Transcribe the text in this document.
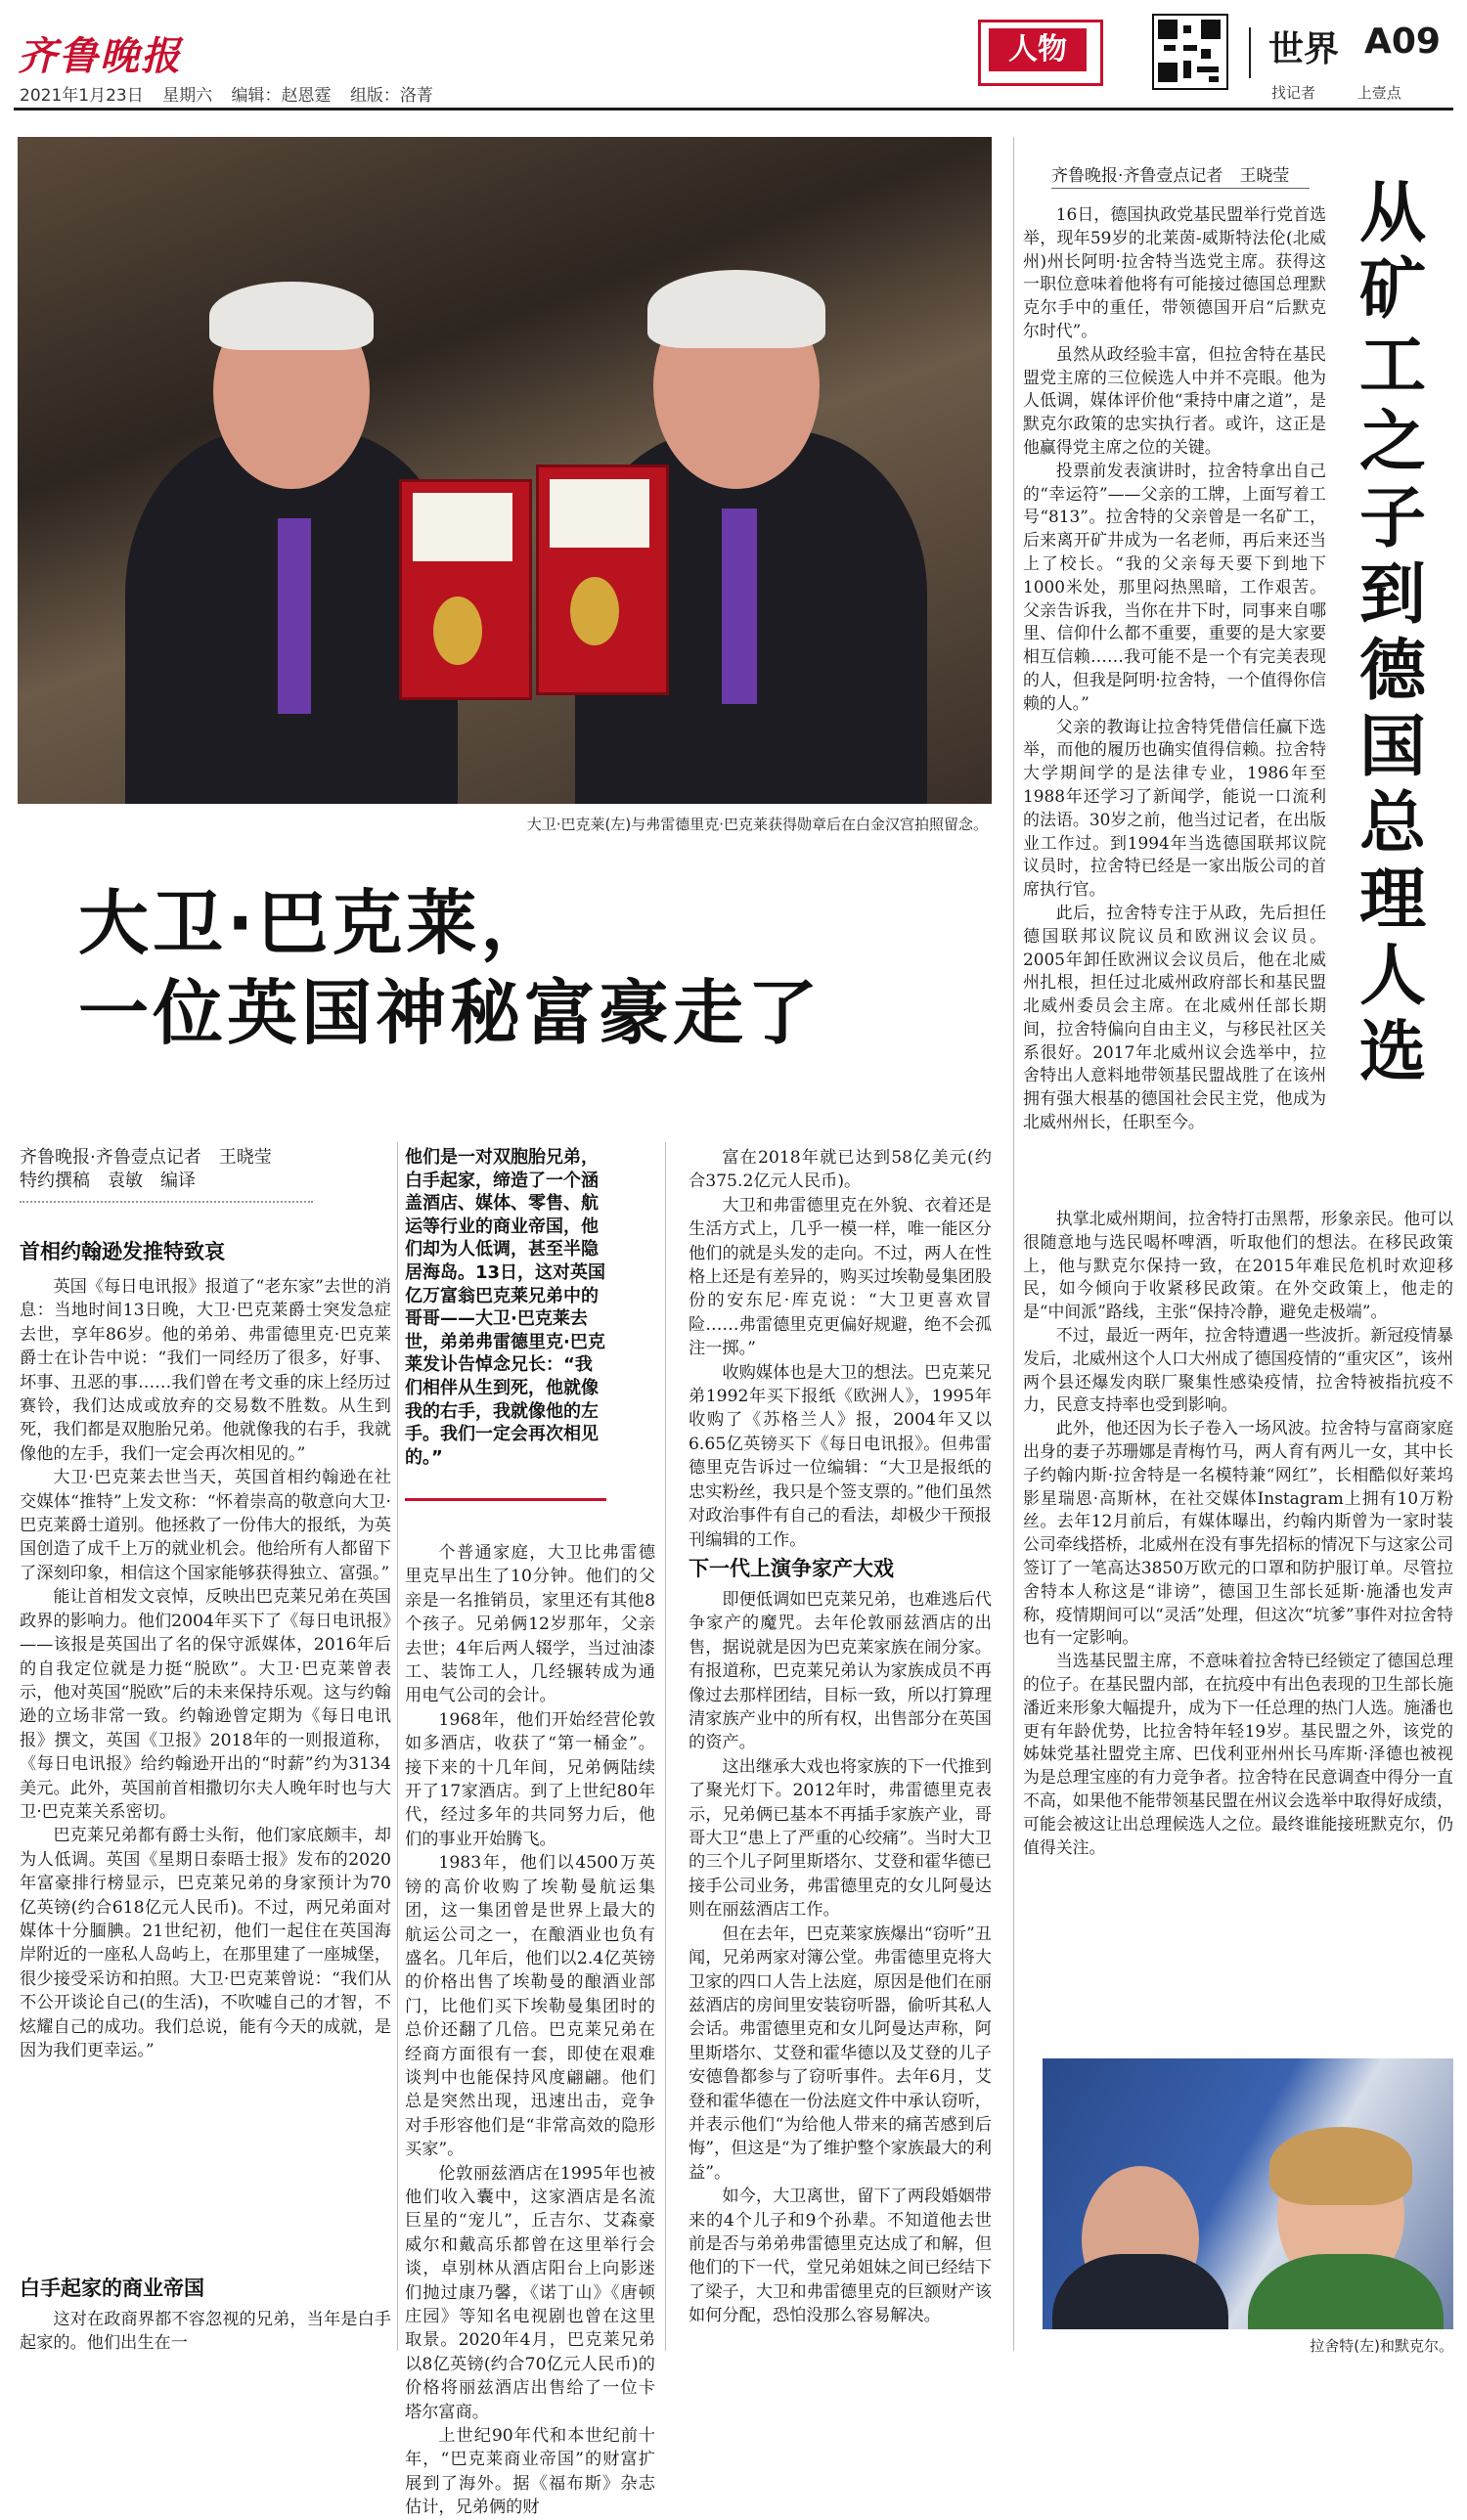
齐鲁晚报
2021年1月23日 星期六 编辑：赵恩霆 组版：洛菁
人物	世界 A09
找记者	上壹点
大卫·巴克莱(左)与弗雷德里克·巴克莱获得勋章后在白金汉宫拍照留念。
大卫·巴克莱，
一位英国神秘富豪走了
齐鲁晚报·齐鲁壹点记者　王晓莹
特约撰稿　袁敏　编译
首相约翰逊发推特致哀

英国《每日电讯报》报道了“老东家”去世的消息：当地时间13日晚，大卫·巴克莱爵士突发急症去世，享年86岁。他的弟弟、弗雷德里克·巴克莱爵士在讣告中说：“我们一同经历了很多，好事、坏事、丑恶的事……我们曾在考文垂的床上经历过赛铃，我们达成或放弃的交易数不胜数。从生到死，我们都是双胞胎兄弟。他就像我的右手，我就像他的左手，我们一定会再次相见的。”

大卫·巴克莱去世当天，英国首相约翰逊在社交媒体“推特”上发文称：“怀着崇高的敬意向大卫·巴克莱爵士道别。他拯救了一份伟大的报纸，为英国创造了成千上万的就业机会。他给所有人都留下了深刻印象，相信这个国家能够获得独立、富强。”

能让首相发文哀悼，反映出巴克莱兄弟在英国政界的影响力。他们2004年买下了《每日电讯报》——该报是英国出了名的保守派媒体，2016年后的自我定位就是力挺“脱欧”。大卫·巴克莱曾表示，他对英国“脱欧”后的未来保持乐观。这与约翰逊的立场非常一致。约翰逊曾定期为《每日电讯报》撰文，英国《卫报》2018年的一则报道称，《每日电讯报》给约翰逊开出的“时薪”约为3134美元。此外，英国前首相撒切尔夫人晚年时也与大卫·巴克莱关系密切。

巴克莱兄弟都有爵士头衔，他们家底颇丰，却为人低调。英国《星期日泰晤士报》发布的2020年富豪排行榜显示，巴克莱兄弟的身家预计为70亿英镑(约合618亿元人民币)。不过，两兄弟面对媒体十分腼腆。21世纪初，他们一起住在英国海岸附近的一座私人岛屿上，在那里建了一座城堡，很少接受采访和拍照。大卫·巴克莱曾说：“我们从不公开谈论自己(的生活)，不吹嘘自己的才智，不炫耀自己的成功。我们总说，能有今天的成就，是因为我们更幸运。”

白手起家的商业帝国

这对在政商界都不容忽视的兄弟，当年是白手起家的。他们出生在一

他们是一对双胞胎兄弟，白手起家，缔造了一个涵盖酒店、媒体、零售、航运等行业的商业帝国，他们却为人低调，甚至半隐居海岛。13日，这对英国亿万富翁巴克莱兄弟中的哥哥——大卫·巴克莱去世，弟弟弗雷德里克·巴克莱发讣告悼念兄长：“我们相伴从生到死，他就像我的右手，我就像他的左手。我们一定会再次相见的。”

个普通家庭，大卫比弗雷德里克早出生了10分钟。他们的父亲是一名推销员，家里还有其他8个孩子。兄弟俩12岁那年，父亲去世；4年后两人辍学，当过油漆工、装饰工人，几经辗转成为通用电气公司的会计。

1968年，他们开始经营伦敦如多酒店，收获了“第一桶金”。接下来的十几年间，兄弟俩陆续开了17家酒店。到了上世纪80年代，经过多年的共同努力后，他们的事业开始腾飞。

1983年，他们以4500万英镑的高价收购了埃勒曼航运集团，这一集团曾是世界上最大的航运公司之一，在酿酒业也负有盛名。几年后，他们以2.4亿英镑的价格出售了埃勒曼的酿酒业部门，比他们买下埃勒曼集团时的总价还翻了几倍。巴克莱兄弟在经商方面很有一套，即使在艰难谈判中也能保持风度翩翩。他们总是突然出现，迅速出击，竞争对手形容他们是“非常高效的隐形买家”。

伦敦丽兹酒店在1995年也被他们收入囊中，这家酒店是名流巨星的“宠儿”，丘吉尔、艾森豪威尔和戴高乐都曾在这里举行会谈，卓别林从酒店阳台上向影迷们抛过康乃馨，《诺丁山》《唐顿庄园》等知名电视剧也曾在这里取景。2020年4月，巴克莱兄弟以8亿英镑(约合70亿元人民币)的价格将丽兹酒店出售给了一位卡塔尔富商。

上世纪90年代和本世纪前十年，“巴克莱商业帝国”的财富扩展到了海外。据《福布斯》杂志估计，兄弟俩的财

富在2018年就已达到58亿美元(约合375.2亿元人民币)。

大卫和弗雷德里克在外貌、衣着还是生活方式上，几乎一模一样，唯一能区分他们的就是头发的走向。不过，两人在性格上还是有差异的，购买过埃勒曼集团股份的安东尼·库克说：“大卫更喜欢冒险……弗雷德里克更偏好规避，绝不会孤注一掷。”

收购媒体也是大卫的想法。巴克莱兄弟1992年买下报纸《欧洲人》，1995年收购了《苏格兰人》报，2004年又以6.65亿英镑买下《每日电讯报》。但弗雷德里克告诉过一位编辑：“大卫是报纸的忠实粉丝，我只是个签支票的。”他们虽然对政治事件有自己的看法，却极少干预报刊编辑的工作。

下一代上演争家产大戏

即便低调如巴克莱兄弟，也难逃后代争家产的魔咒。去年伦敦丽兹酒店的出售，据说就是因为巴克莱家族在闹分家。有报道称，巴克莱兄弟认为家族成员不再像过去那样团结，目标一致，所以打算理清家族产业中的所有权，出售部分在英国的资产。

这出继承大戏也将家族的下一代推到了聚光灯下。2012年时，弗雷德里克表示，兄弟俩已基本不再插手家族产业，哥哥大卫“患上了严重的心绞痛”。当时大卫的三个儿子阿里斯塔尔、艾登和霍华德已接手公司业务，弗雷德里克的女儿阿曼达则在丽兹酒店工作。

但在去年，巴克莱家族爆出“窃听”丑闻，兄弟两家对簿公堂。弗雷德里克将大卫家的四口人告上法庭，原因是他们在丽兹酒店的房间里安装窃听器，偷听其私人会话。弗雷德里克和女儿阿曼达声称，阿里斯塔尔、艾登和霍华德以及艾登的儿子安德鲁都参与了窃听事件。去年6月，艾登和霍华德在一份法庭文件中承认窃听，并表示他们“为给他人带来的痛苦感到后悔”，但这是“为了维护整个家族最大的利益”。

如今，大卫离世，留下了两段婚姻带来的4个儿子和9个孙辈。不知道他去世前是否与弟弟弗雷德里克达成了和解，但他们的下一代，堂兄弟姐妹之间已经结下了梁子，大卫和弗雷德里克的巨额财产该如何分配，恐怕没那么容易解决。

齐鲁晚报·齐鲁壹点记者　王晓莹	从
矿
工
之
子
到
德
国
总
理
人
选

16日，德国执政党基民盟举行党首选举，现年59岁的北莱茵-威斯特法伦(北威州)州长阿明·拉舍特当选党主席。获得这一职位意味着他将有可能接过德国总理默克尔手中的重任，带领德国开启“后默克尔时代”。

虽然从政经验丰富，但拉舍特在基民盟党主席的三位候选人中并不亮眼。他为人低调，媒体评价他“秉持中庸之道”，是默克尔政策的忠实执行者。或许，这正是他赢得党主席之位的关键。

投票前发表演讲时，拉舍特拿出自己的“幸运符”——父亲的工牌，上面写着工号“813”。拉舍特的父亲曾是一名矿工，后来离开矿井成为一名老师，再后来还当上了校长。“我的父亲每天要下到地下1000米处，那里闷热黑暗，工作艰苦。父亲告诉我，当你在井下时，同事来自哪里、信仰什么都不重要，重要的是大家要相互信赖……我可能不是一个有完美表现的人，但我是阿明·拉舍特，一个值得你信赖的人。”

父亲的教诲让拉舍特凭借信任赢下选举，而他的履历也确实值得信赖。拉舍特大学期间学的是法律专业，1986年至1988年还学习了新闻学，能说一口流利的法语。30岁之前，他当过记者，在出版业工作过。到1994年当选德国联邦议院议员时，拉舍特已经是一家出版公司的首席执行官。

此后，拉舍特专注于从政，先后担任德国联邦议院议员和欧洲议会议员。2005年卸任欧洲议会议员后，他在北威州扎根，担任过北威州政府部长和基民盟北威州委员会主席。在北威州任部长期间，拉舍特偏向自由主义，与移民社区关系很好。2017年北威州议会选举中，拉舍特出人意料地带领基民盟战胜了在该州拥有强大根基的德国社会民主党，他成为北威州州长，任职至今。

执掌北威州期间，拉舍特打击黑帮，形象亲民。他可以很随意地与选民喝杯啤酒，听取他们的想法。在移民政策上，他与默克尔保持一致，在2015年难民危机时欢迎移民，如今倾向于收紧移民政策。在外交政策上，他走的是“中间派”路线，主张“保持冷静，避免走极端”。

不过，最近一两年，拉舍特遭遇一些波折。新冠疫情暴发后，北威州这个人口大州成了德国疫情的“重灾区”，该州两个县还爆发肉联厂聚集性感染疫情，拉舍特被指抗疫不力，民意支持率也受到影响。

此外，他还因为长子卷入一场风波。拉舍特与富商家庭出身的妻子苏珊娜是青梅竹马，两人育有两儿一女，其中长子约翰内斯·拉舍特是一名模特兼“网红”，长相酷似好莱坞影星瑞恩·高斯林，在社交媒体Instagram上拥有10万粉丝。去年12月前后，有媒体曝出，约翰内斯曾为一家时装公司牵线搭桥，北威州在没有事先招标的情况下与这家公司签订了一笔高达3850万欧元的口罩和防护服订单。尽管拉舍特本人称这是“诽谤”，德国卫生部长延斯·施潘也发声称，疫情期间可以“灵活”处理，但这次“坑爹”事件对拉舍特也有一定影响。

当选基民盟主席，不意味着拉舍特已经锁定了德国总理的位子。在基民盟内部，在抗疫中有出色表现的卫生部长施潘近来形象大幅提升，成为下一任总理的热门人选。施潘也更有年龄优势，比拉舍特年轻19岁。基民盟之外，该党的姊妹党基社盟党主席、巴伐利亚州州长马库斯·泽德也被视为是总理宝座的有力竞争者。拉舍特在民意调查中得分一直不高，如果他不能带领基民盟在州议会选举中取得好成绩，可能会被这让出总理候选人之位。最终谁能接班默克尔，仍值得关注。

拉舍特(左)和默克尔。
